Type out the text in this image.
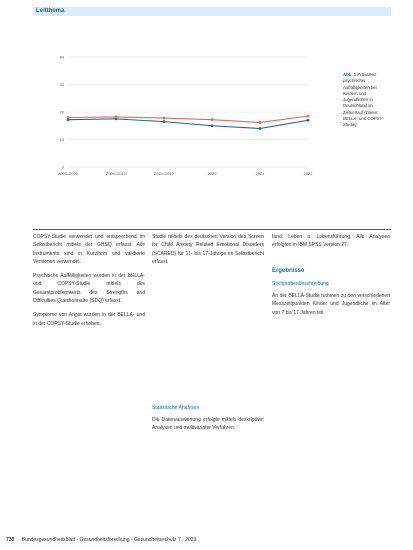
Leitthema
40
30
20
10
0
2003–2006	2009–2012	2014–2017	2020	2021	2022
Abb. 1 Prävalenz psychischer Auffälligkeiten bei Kindern und Jugendlichen in Deutschland im Zeitverlauf (Daten: BELLA- und COPSY-Studie)

COPSY-Studie verwendet und entsprechend im Selbstbericht mittels der GHSQ erfasst. Alle Instrumente sind in Kurzform und validierte Versionen verwendet.

Psychische Auffälligkeiten wurden in der BELLA- und COPSY-Studie mittels des Gesamtproblemwerts des Strengths and Difficulties Questionnaire (SDQ) erfasst.

Symptome von Angst wurden in der BELLA- und in der COPSY-Studie erhoben.

Studie mittels des deutschen Version des Screen for Child Anxiety Related Emotional Disorders (SCARED) für 11- bis 17-Jährige im Selbstbericht erfasst.

Statistische Analysen

Die Datenauswertung erfolgte mittels deskriptiver Analysen und multivariater Verfahren.

fand. Leben a. Lebensführung. Alle Analysen erfolgten in IBM SPSS Version 27.

Ergebnisse
Stichprobenbeschreibung

An der BELLA-Studie nahmen zu den verschiedenen Messzeitpunkten Kinder und Jugendliche im Alter von 7 bis 17 Jahren teil.

730 Bundesgesundheitsblatt - Gesundheitsforschung - Gesundheitsschutz 7 · 2023
